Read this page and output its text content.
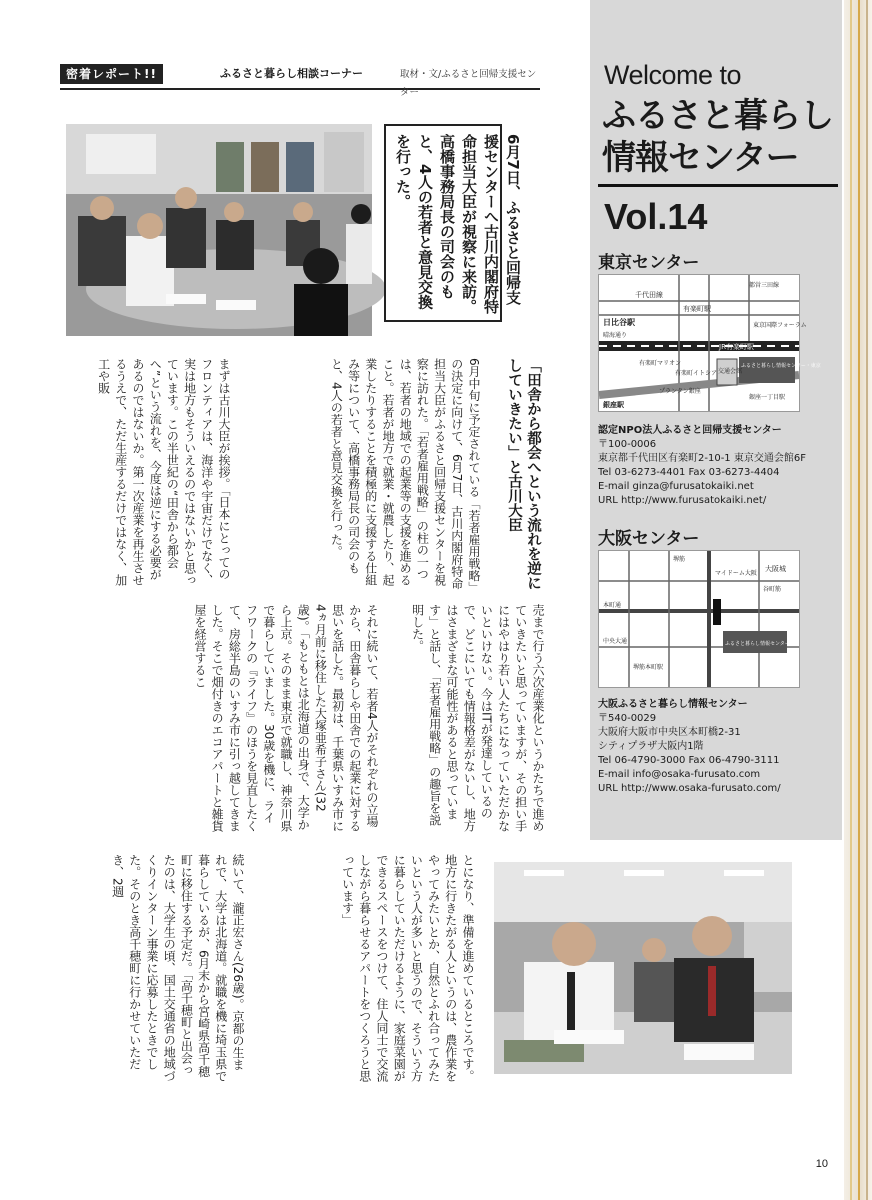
密着レポート!!	ふるさと暮らし相談コーナー	取材・文/ふるさと回帰支援センター
6月7日、ふるさと回帰支援センターへ古川内閣府特命担当大臣が視察に来訪。高橋事務局長の司会のもと、4人の若者と意見交換を行った。
「田舎から都会へという流れを逆にしていきたい」と古川大臣
6月中旬に予定されている「若者雇用戦略」の決定に向けて、6月7日、古川内閣府特命担当大臣がふるさと回帰支援センターを視察に訪れた。「若者雇用戦略」の柱の一つは、若者の地域での起業等の支援を進めること。若者が地方で就業・就農したり、起業したりすることを積極的に支援する仕組み等について、高橋事務局長の司会のもと、4人の若者と意見交換を行った。
まずは古川大臣が挨拶。「日本にとってのフロンティアは、海洋や宇宙だけでなく、実は地方もそういえるのではないかと思っています。この半世紀の“田舎から都会へ”という流れを、今度は逆にする必要があるのではないか。第一次産業を再生させるうえで、ただ生産するだけではなく、加工や販
売まで行う六次産業化というかたちで進めていきたいと思っていますが、その担い手にはやはり若い人たちになっていただかないといけない。今はITが発達しているので、どこにいても情報格差がないし、地方はさまざまな可能性があると思っています」と話し、「若者雇用戦略」の趣旨を説明した。
それに続いて、若者4人がそれぞれの立場から、田舎暮らしや田舎での起業に対する思いを話した。最初は、千葉県いすみ市に4ヵ月前に移住した大塚亜希子さん(32歳)。「もともとは北海道の出身で、大学から上京。そのまま東京で就職し、神奈川県で暮らしていました。30歳を機に、ライフワークの『ライフ』のほうを見直したくて、房総半島のいすみ市に引っ越してきました。そこで畑付きのエコアパートと雑貨屋を経営するこ
とになり、準備を進めているところです。地方に行きたがる人というのは、農作業をやってみたいとか、自然とふれ合ってみたいという人が多いと思うので、そういう方に暮らしていただけるように、家庭菜園ができるスペースをつけて、住人同士で交流しながら暮らせるアパートをつくろうと思っています」
続いて、瀧正宏さん(26歳)。京都の生まれで、大学は北海道。就職を機に埼玉県で暮らしているが、6月末から宮崎県高千穂町に移住する予定だ。「高千穂町と出会ったのは、大学生の頃、国土交通省の地域づくりインターン事業に応募したときでした。そのとき高千穂町に行かせていただき、2週
Welcome to
ふるさと暮らし
情報センター
Vol.14
東京センター
千代田線
日比谷駅
有楽町駅
JR有楽町駅
東京国際フォーラム
有楽町マリオン
有楽町イトシア 交通会館
ふるさと暮らし情報センター・東京
プランタン銀座
銀座駅
銀座一丁目駅
晴海通り
都営三田線
認定NPO法人ふるさと回帰支援センター
〒100-0006
東京都千代田区有楽町2-10-1 東京交通会館6F
Tel 03-6273-4401 Fax 03-6273-4404
E-mail ginza@furusatokaiki.net
URL http://www.furusatokaiki.net/
大阪センター
大阪城
本町通
堺筋
谷町筋
ふるさと暮らし情報センター
中央大通
マイドーム大阪
堺筋本町駅
大阪ふるさと暮らし情報センター
〒540-0029
大阪府大阪市中央区本町橋2-31
シティプラザ大阪内1階
Tel 06-4790-3000 Fax 06-4790-3111
E-mail info@osaka-furusato.com
URL http://www.osaka-furusato.com/
10
